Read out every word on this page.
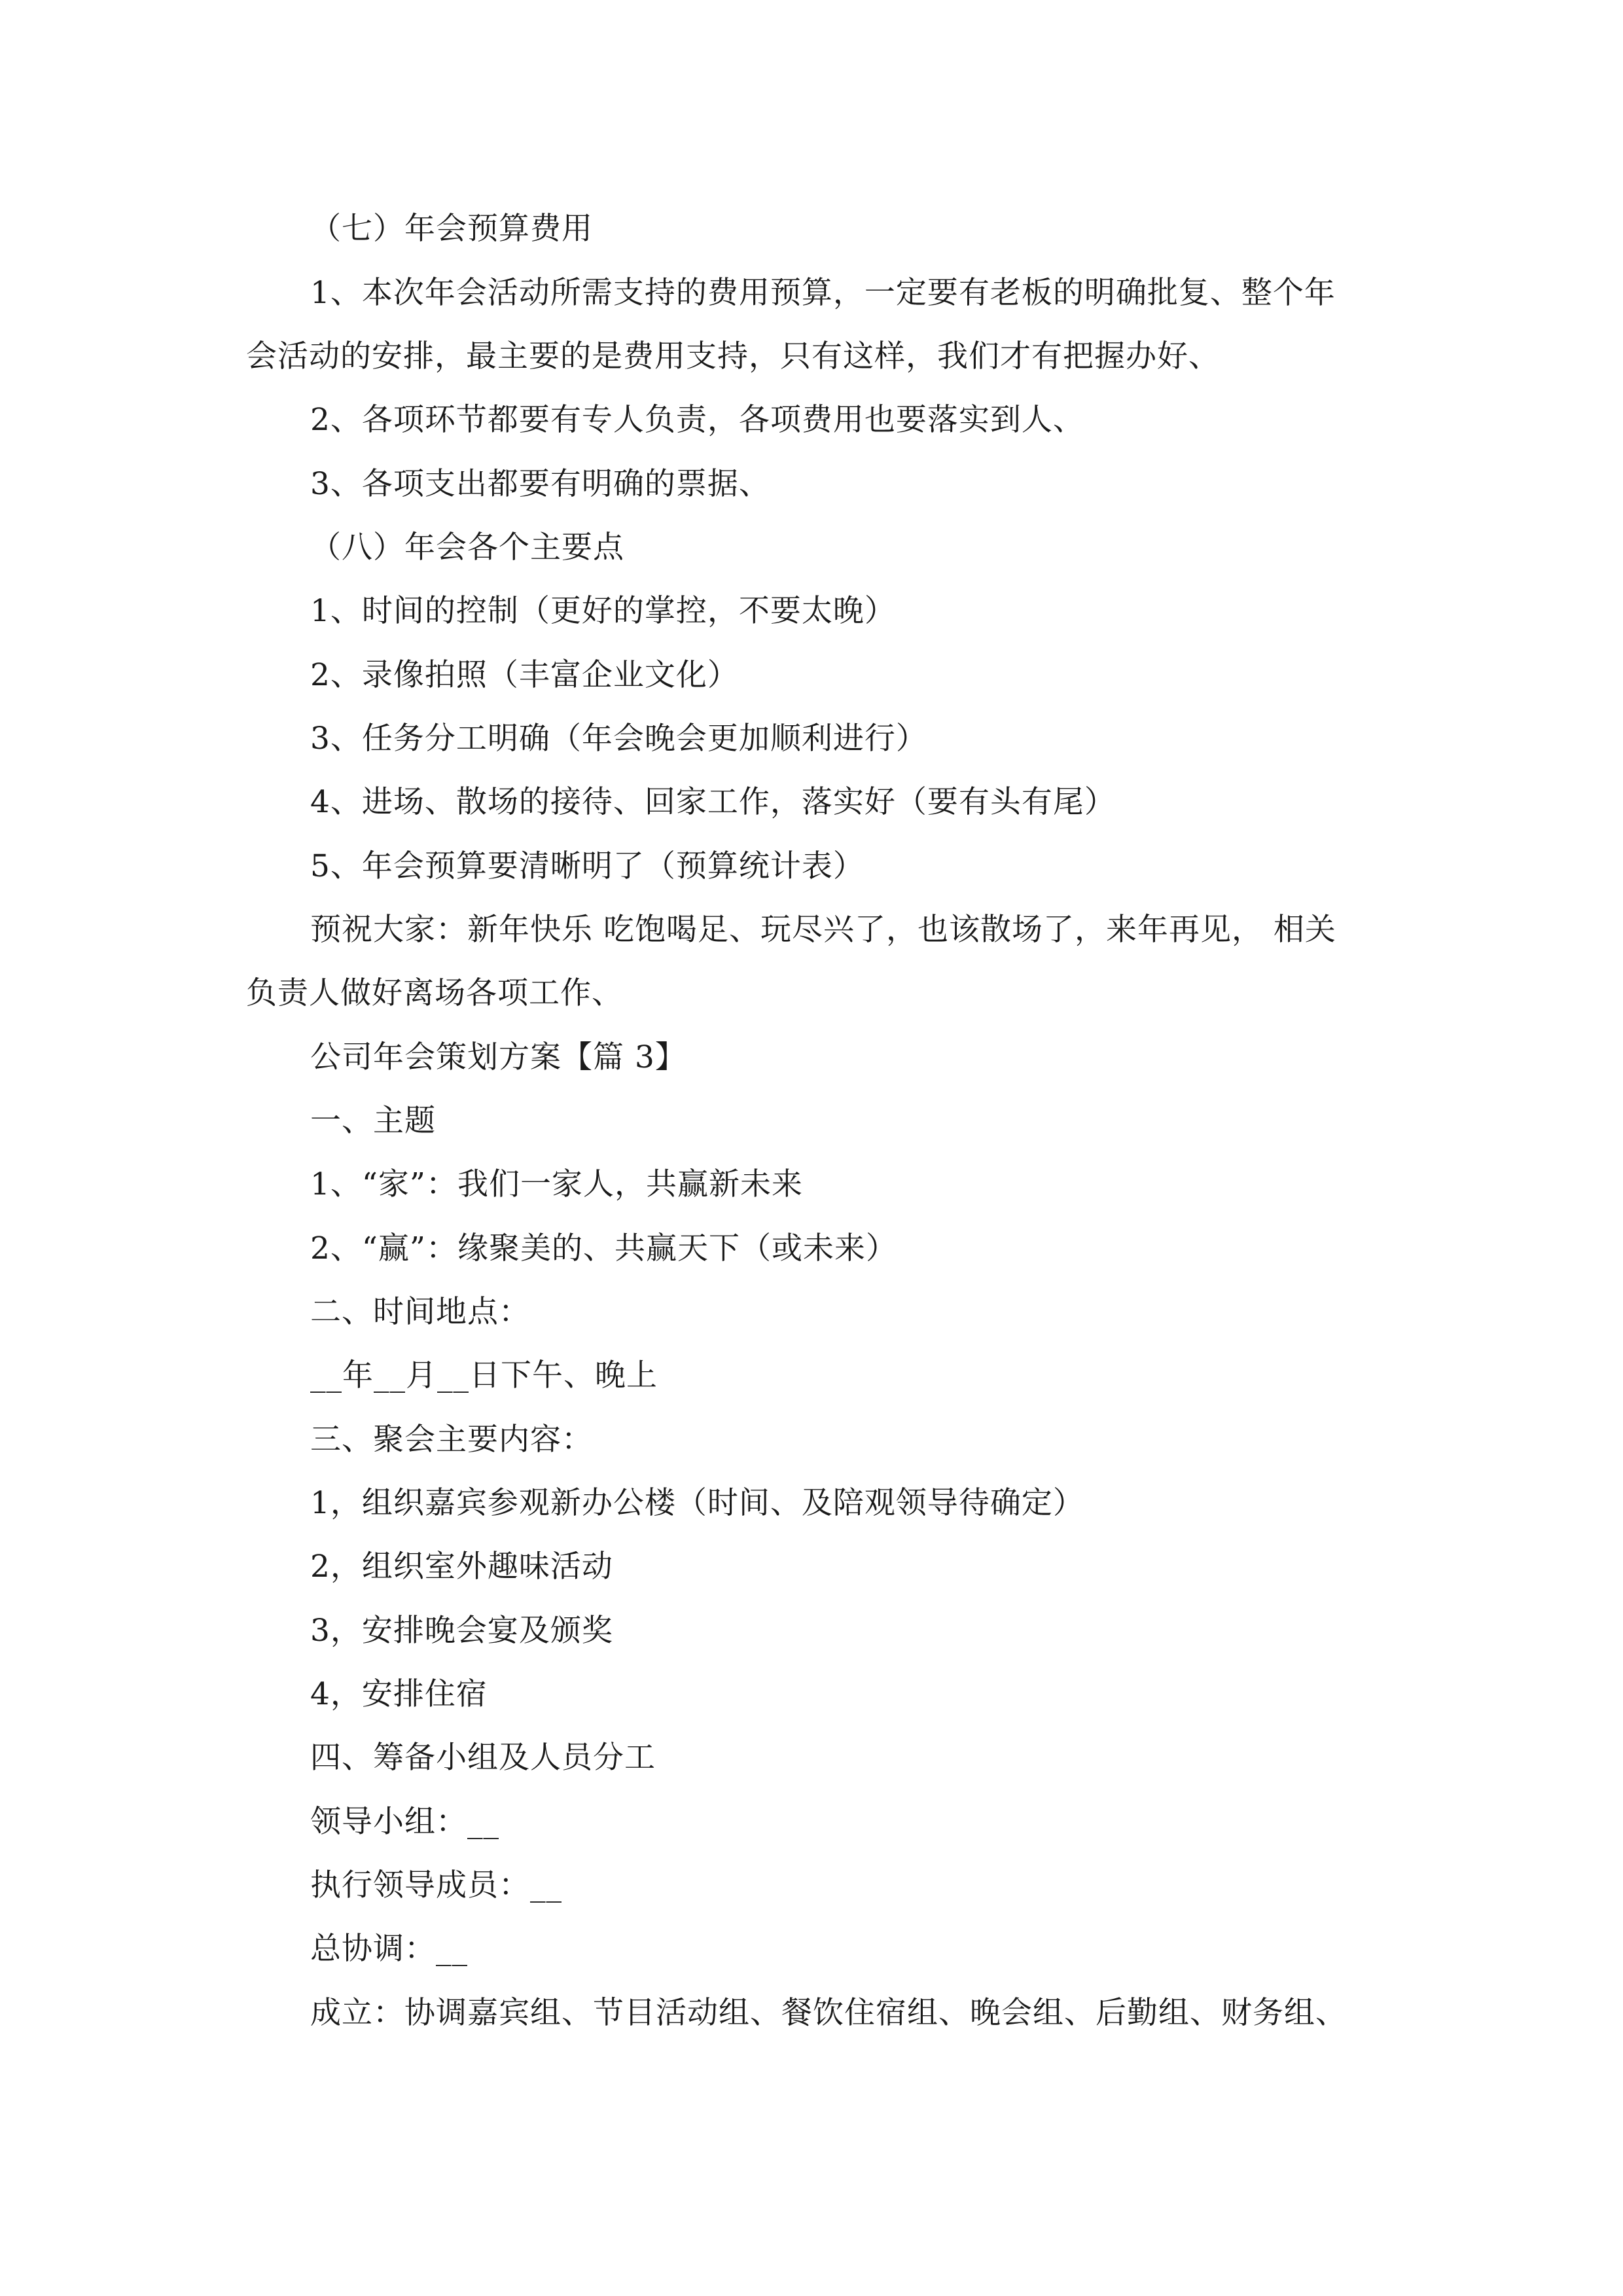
（七）年会预算费用
1、本次年会活动所需支持的费用预算，一定要有老板的明确批复、整个年
会活动的安排，最主要的是费用支持，只有这样，我们才有把握办好、
2、各项环节都要有专人负责，各项费用也要落实到人、
3、各项支出都要有明确的票据、
（八）年会各个主要点
1、时间的控制（更好的掌控，不要太晚）
2、录像拍照（丰富企业文化）
3、任务分工明确（年会晚会更加顺利进行）
4、进场、散场的接待、回家工作，落实好（要有头有尾）
5、年会预算要清晰明了（预算统计表）
预祝大家：新年快乐 吃饱喝足、玩尽兴了，也该散场了，来年再见， 相关
负责人做好离场各项工作、
公司年会策划方案【篇 3】
一、主题
1、“家”：我们一家人，共赢新未来
2、“赢”：缘聚美的、共赢天下（或未来）
二、时间地点：
__年__月__日下午、晚上
三、聚会主要内容：
1，组织嘉宾参观新办公楼（时间、及陪观领导待确定）
2，组织室外趣味活动
3，安排晚会宴及颁奖
4，安排住宿
四、筹备小组及人员分工
领导小组：__
执行领导成员：__
总协调：__
成立：协调嘉宾组、节目活动组、餐饮住宿组、晚会组、后勤组、财务组、
